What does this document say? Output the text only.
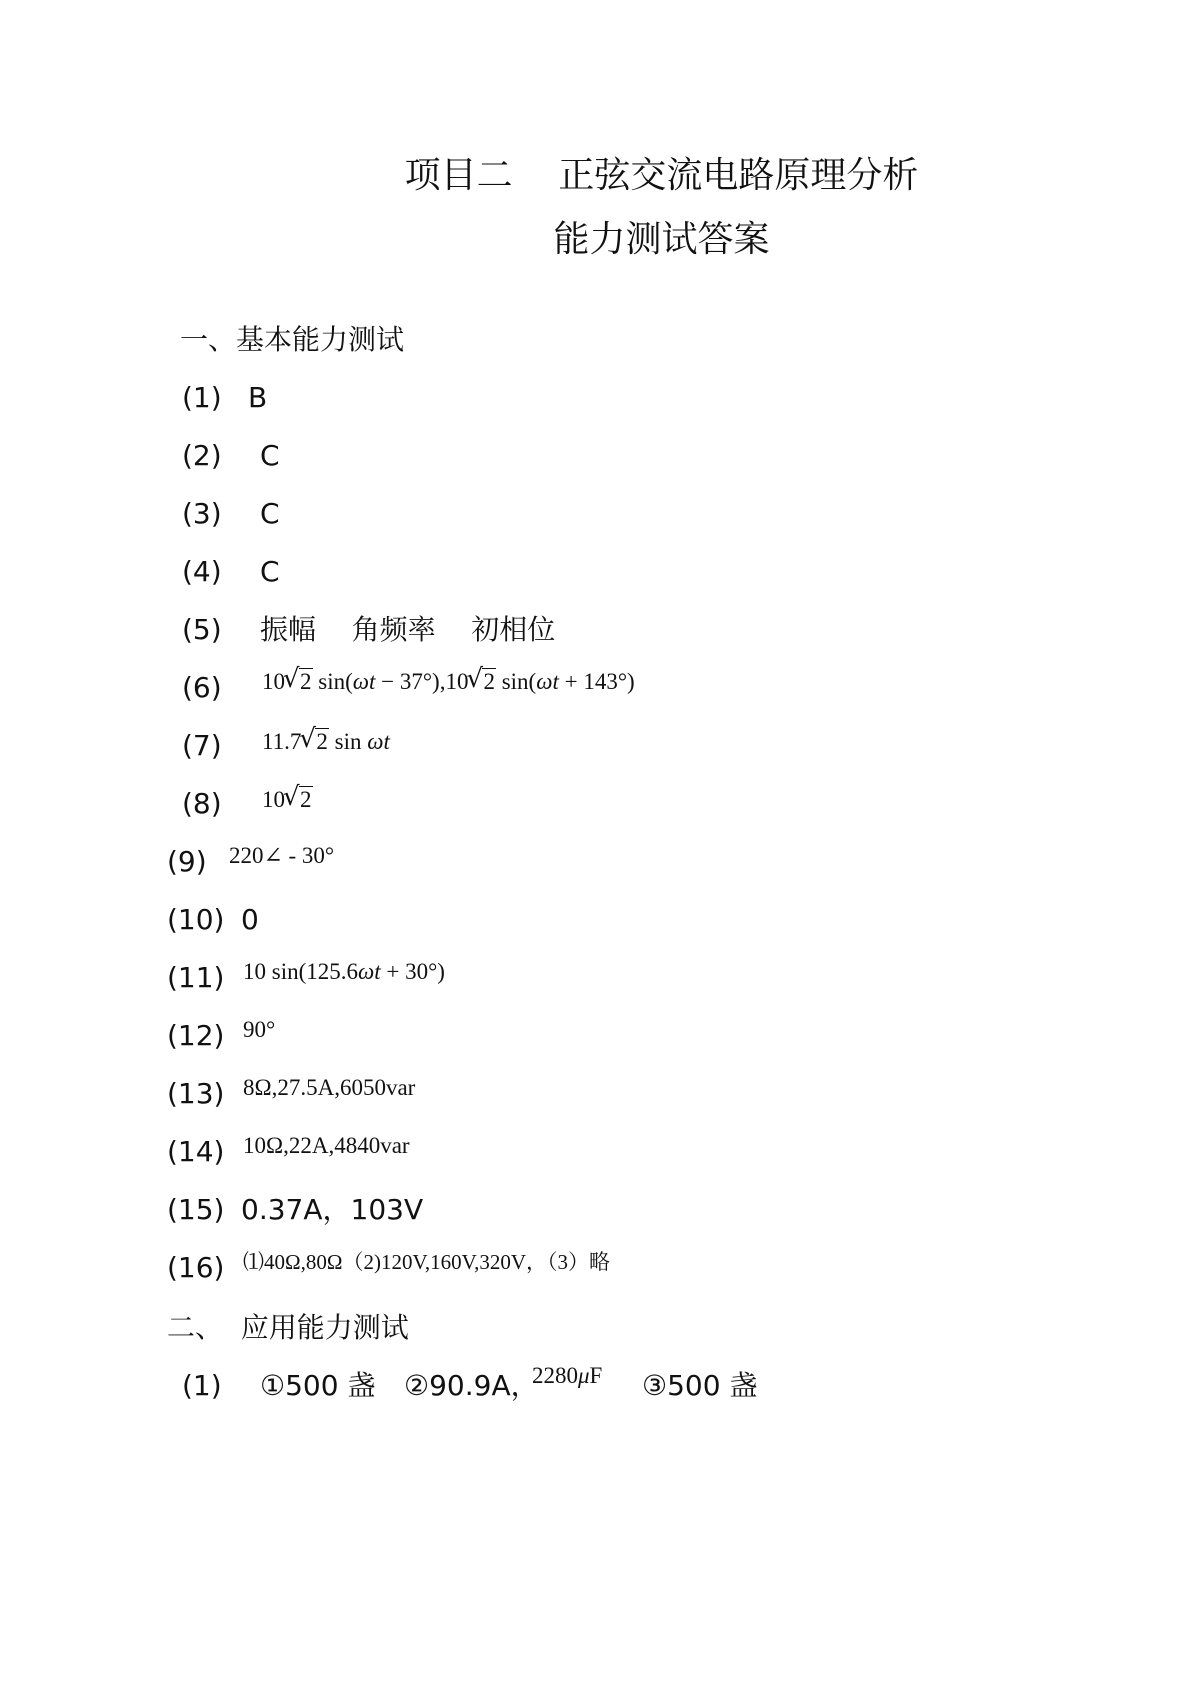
项目二    正弦交流电路原理分析
能力测试答案
一、基本能力测试
(1) B
(2) C
(3) C
(4) C
(5) 振幅    角频率    初相位
(6) 10 √ 2 sin(ωt − 37°),10 √ 2 sin(ωt + 143°)
(7) 11.7 √ 2 sin ωt
(8) 10 √ 2
(9) 220∠ - 30°
(10) 0
(11) 10 sin(125.6ωt + 30°)
(12) 90°
(13) 8Ω,27.5A,6050var
(14) 10Ω,22A,4840var
(15) 0.37A，103V
(16) ⑴40Ω,80Ω（2)120V,160V,320V，（3）略
二、  应用能力测试
(1) ①500 盏 ②90.9A，
2280μF ③500 盏
